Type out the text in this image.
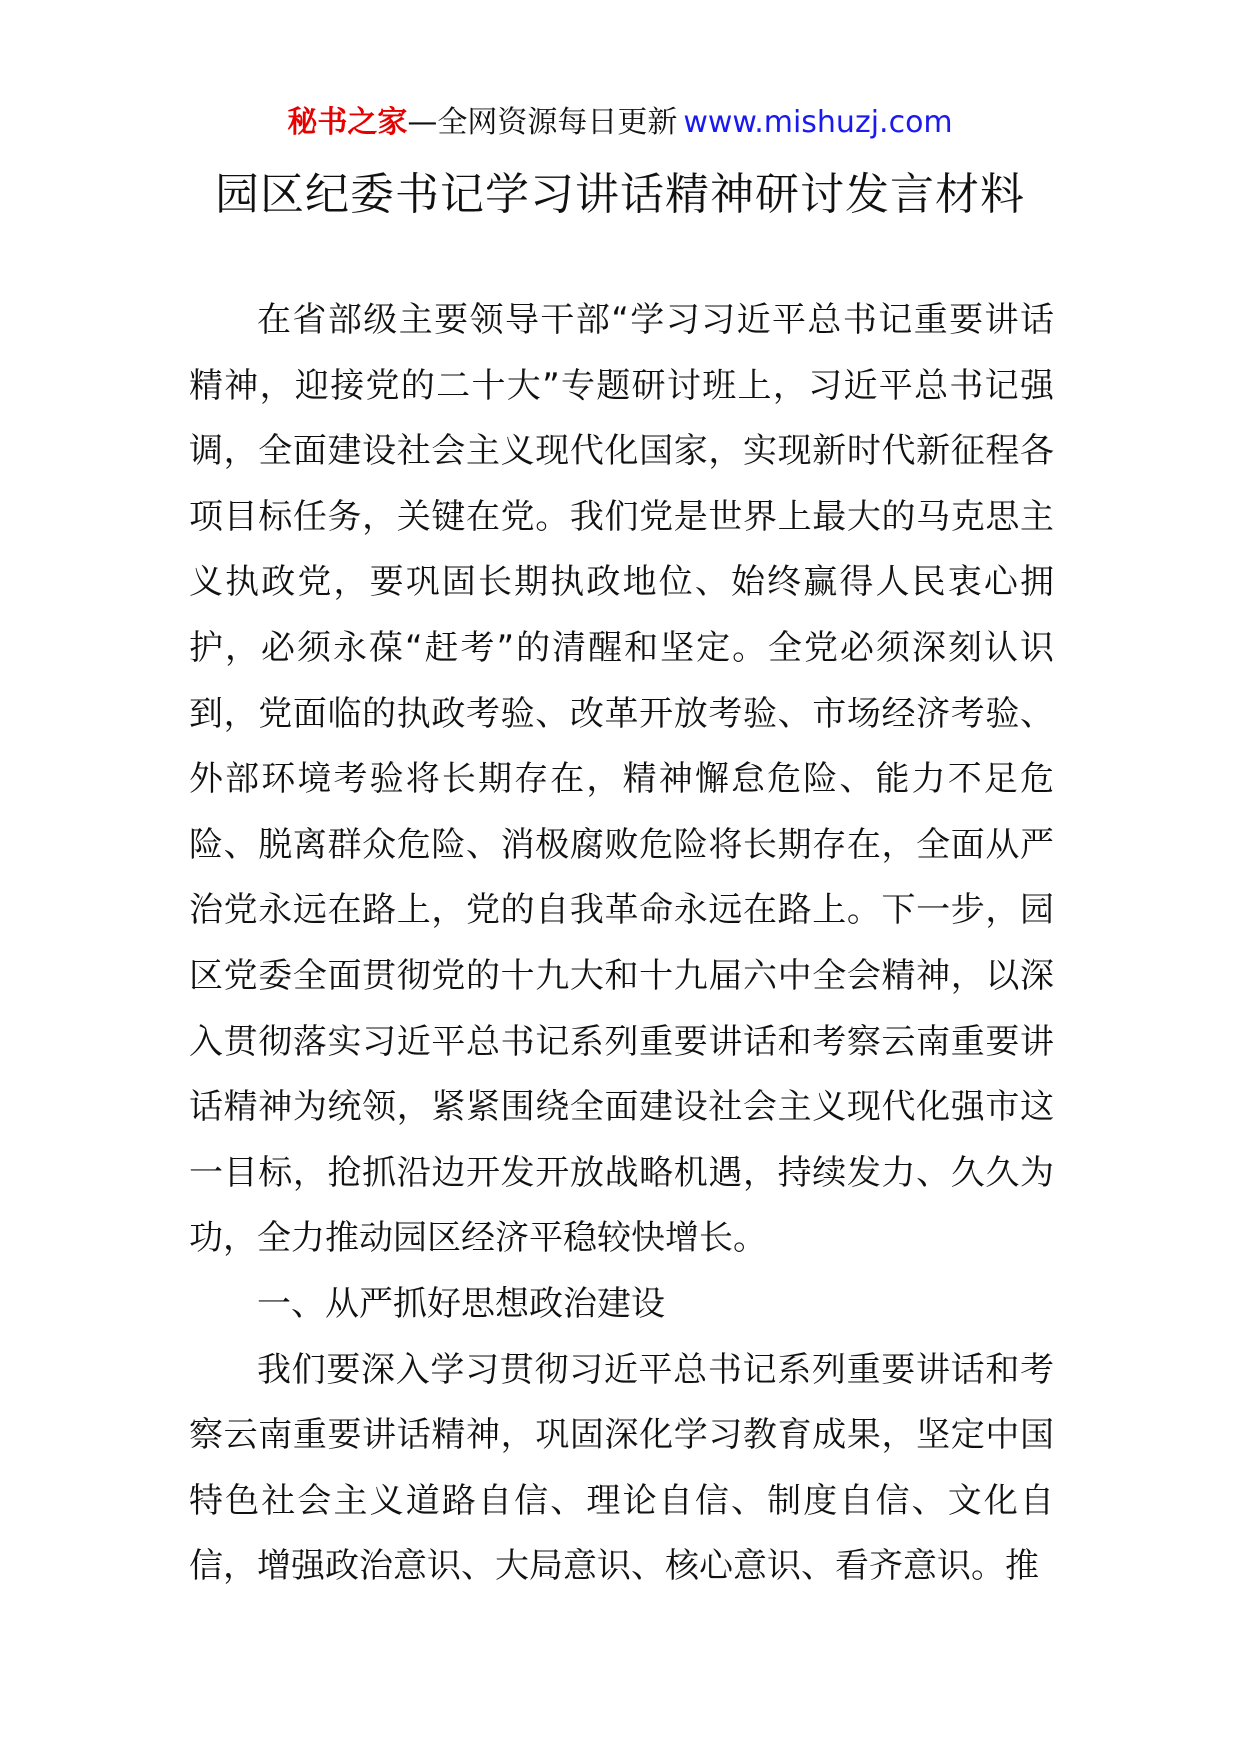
秘书之家—全网资源每日更新 www.mishuzj.com
园区纪委书记学习讲话精神研讨发言材料

在省部级主要领导干部“学习习近平总书记重要讲话精神，迎接党的二十大”专题研讨班上，习近平总书记强调，全面建设社会主义现代化国家，实现新时代新征程各项目标任务，关键在党。我们党是世界上最大的马克思主义执政党，要巩固长期执政地位、始终赢得人民衷心拥护，必须永葆“赶考”的清醒和坚定。全党必须深刻认识到，党面临的执政考验、改革开放考验、市场经济考验、外部环境考验将长期存在，精神懈怠危险、能力不足危险、脱离群众危险、消极腐败危险将长期存在，全面从严治党永远在路上，党的自我革命永远在路上。下一步，园区党委全面贯彻党的十九大和十九届六中全会精神，以深入贯彻落实习近平总书记系列重要讲话和考察云南重要讲话精神为统领，紧紧围绕全面建设社会主义现代化强市这一目标，抢抓沿边开发开放战略机遇，持续发力、久久为功，全力推动园区经济平稳较快增长。

一、从严抓好思想政治建设

我们要深入学习贯彻习近平总书记系列重要讲话和考察云南重要讲话精神，巩固深化学习教育成果，坚定中国特色社会主义道路自信、理论自信、制度自信、文化自信，增强政治意识、大局意识、核心意识、看齐意识。推
